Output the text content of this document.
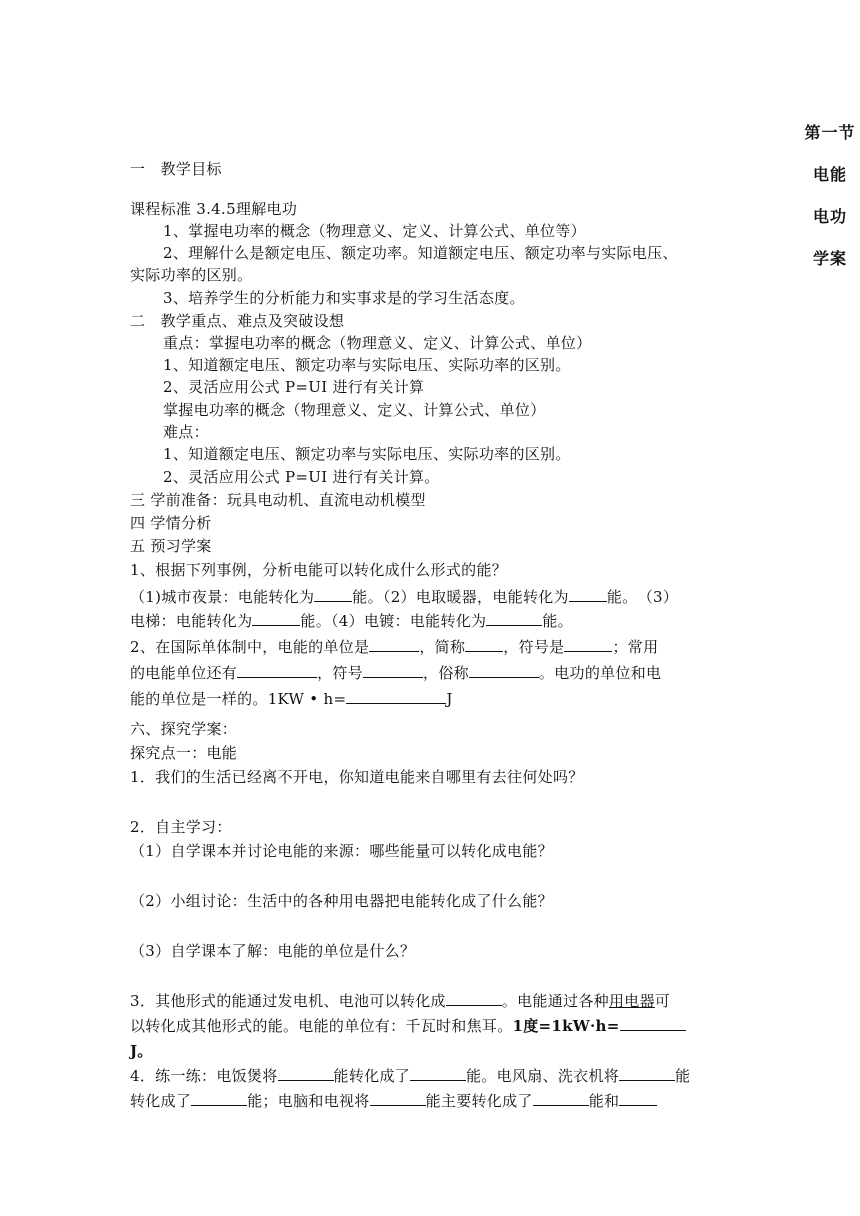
第一节电能电功学案
一　教学目标
课程标准 3.4.5理解电功
1、掌握电功率的概念（物理意义、定义、计算公式、单位等）
2、理解什么是额定电压、额定功率。知道额定电压、额定功率与实际电压、
实际功率的区别。
3、培养学生的分析能力和实事求是的学习生活态度。
二　教学重点、难点及突破设想
重点：掌握电功率的概念（物理意义、定义、计算公式、单位）
1、知道额定电压、额定功率与实际电压、实际功率的区别。
2、灵活应用公式 P=UI 进行有关计算
掌握电功率的概念（物理意义、定义、计算公式、单位）
难点：
1、知道额定电压、额定功率与实际电压、实际功率的区别。
2、灵活应用公式 P=UI 进行有关计算。
三 学前准备：玩具电动机、直流电动机模型
四 学情分析
五 预习学案
1、根据下列事例，分析电能可以转化成什么形式的能？
（1)城市夜景：电能转化为	能。（2）电取暖器，电能转化为	能。　（3）
电梯：电能转化为	能。（4）电镀：电能转化为	能。
2、在国际单体制中，电能的单位是	，简称	，符号是	；常用
的电能单位还有	，符号	，俗称	。电功的单位和电
能的单位是一样的。1KW • h=	J
六、探究学案：
探究点一：电能
1．我们的生活已经离不开电，你知道电能来自哪里有去往何处吗？
2．自主学习：
（1）自学课本并讨论电能的来源：哪些能量可以转化成电能？
（2）小组讨论：生活中的各种用电器把电能转化成了什么能？
（3）自学课本了解：电能的单位是什么？
3．其他形式的能通过发电机、电池可以转化成	。电能通过各种用电器可
以转化成其他形式的能。电能的单位有：千瓦时和焦耳。1度=1kW·h=
J。
4．练一练：电饭煲将	能转化成了	能。电风扇、洗衣机将	能
转化成了	能；电脑和电视将	能主要转化成了	能和
